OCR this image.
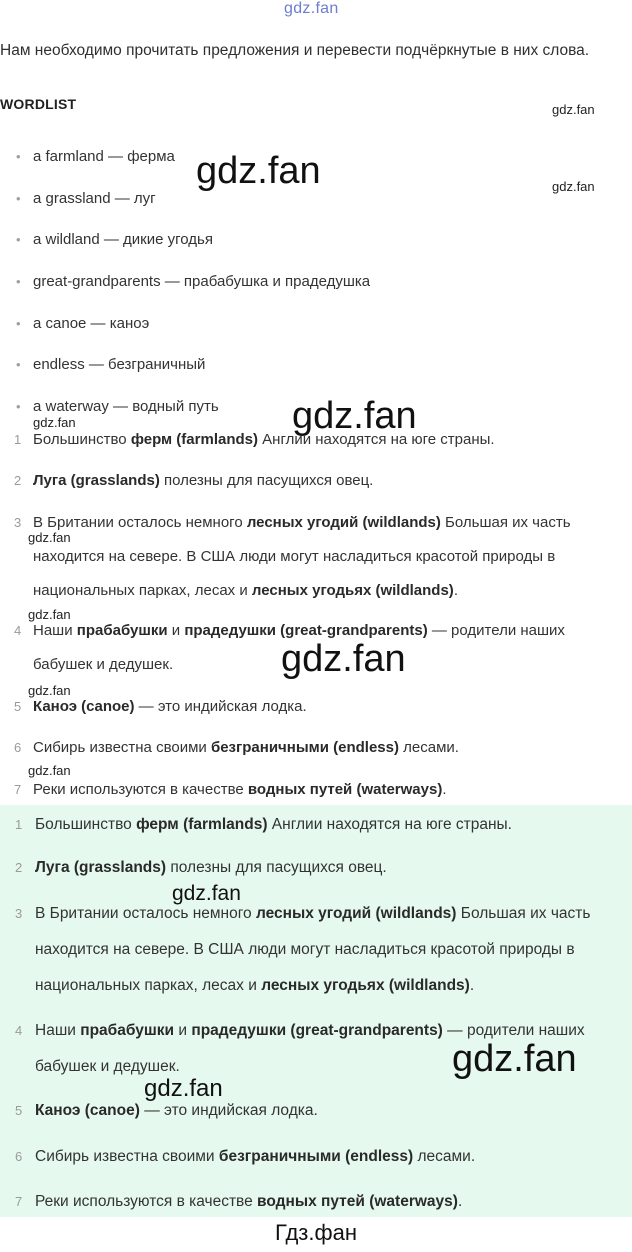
gdz.fan
Нам необходимо прочитать предложения и перевести подчёркнутые в них слова.
WORDLIST
• a farmland — ферма
• a grassland — луг
• a wildland — дикие угодья
• great-grandparents — прабабушка и прадедушка
• a canoe — каноэ
• endless — безграничный
• a waterway — водный путь
1 Большинство ферм (farmlands) Англии находятся на юге страны.
2 Луга (grasslands) полезны для пасущихся овец.
3 В Британии осталось немного лесных угодий (wildlands) Большая их часть находится на севере. В США люди могут насладиться красотой природы в национальных парках, лесах и лесных угодьях (wildlands).
4 Наши прабабушки и прадедушки (great-grandparents) — родители наших бабушек и дедушек.
5 Каноэ (canoe) — это индийская лодка.
6 Сибирь известна своими безграничными (endless) лесами.
7 Реки используются в качестве водных путей (waterways).
1 Большинство ферм (farmlands) Англии находятся на юге страны.
2 Луга (grasslands) полезны для пасущихся овец.
3 В Британии осталось немного лесных угодий (wildlands) Большая их часть находится на севере. В США люди могут насладиться красотой природы в национальных парках, лесах и лесных угодьях (wildlands).
4 Наши прабабушки и прадедушки (great-grandparents) — родители наших бабушек и дедушек.
5 Каноэ (canoe) — это индийская лодка.
6 Сибирь известна своими безграничными (endless) лесами.
7 Реки используются в качестве водных путей (waterways).
gdz.fan
gdz.fan
gdz.fan
gdz.fan
gdz.fan
gdz.fan
gdz.fan
gdz.fan
gdz.fan
gdz.fan
gdz.fan
gdz.fan
gdz.fan
Гдз.фан
